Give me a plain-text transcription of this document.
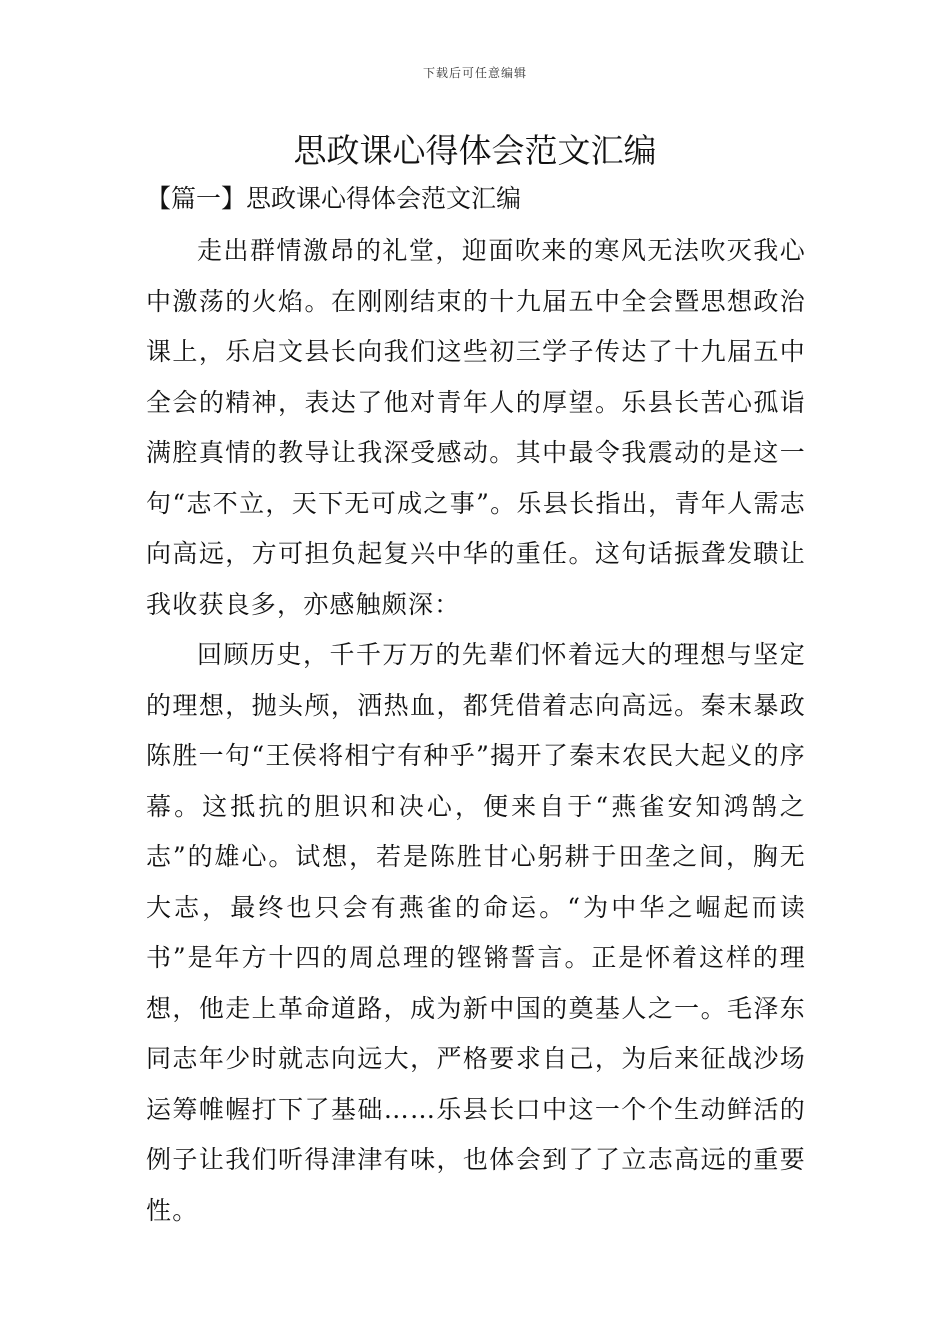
下载后可任意编辑
思政课心得体会范文汇编
【篇一】思政课心得体会范文汇编

走出群情激昂的礼堂，迎面吹来的寒风无法吹灭我心中激荡的火焰。在刚刚结束的十九届五中全会暨思想政治课上，乐启文县长向我们这些初三学子传达了十九届五中全会的精神，表达了他对青年人的厚望。乐县长苦心孤诣满腔真情的教导让我深受感动。其中最令我震动的是这一句“志不立，天下无可成之事”。乐县长指出，青年人需志向高远，方可担负起复兴中华的重任。这句话振聋发聩让我收获良多，亦感触颇深：

回顾历史，千千万万的先辈们怀着远大的理想与坚定的理想，抛头颅，洒热血，都凭借着志向高远。秦末暴政陈胜一句“王侯将相宁有种乎”揭开了秦末农民大起义的序幕。这抵抗的胆识和决心，便来自于“燕雀安知鸿鹄之志”的雄心。试想，若是陈胜甘心躬耕于田垄之间，胸无大志，最终也只会有燕雀的命运。“为中华之崛起而读书”是年方十四的周总理的铿锵誓言。正是怀着这样的理想，他走上革命道路，成为新中国的奠基人之一。毛泽东同志年少时就志向远大，严格要求自己，为后来征战沙场运筹帷幄打下了基础……乐县长口中这一个个生动鲜活的例子让我们听得津津有味，也体会到了了立志高远的重要性。
